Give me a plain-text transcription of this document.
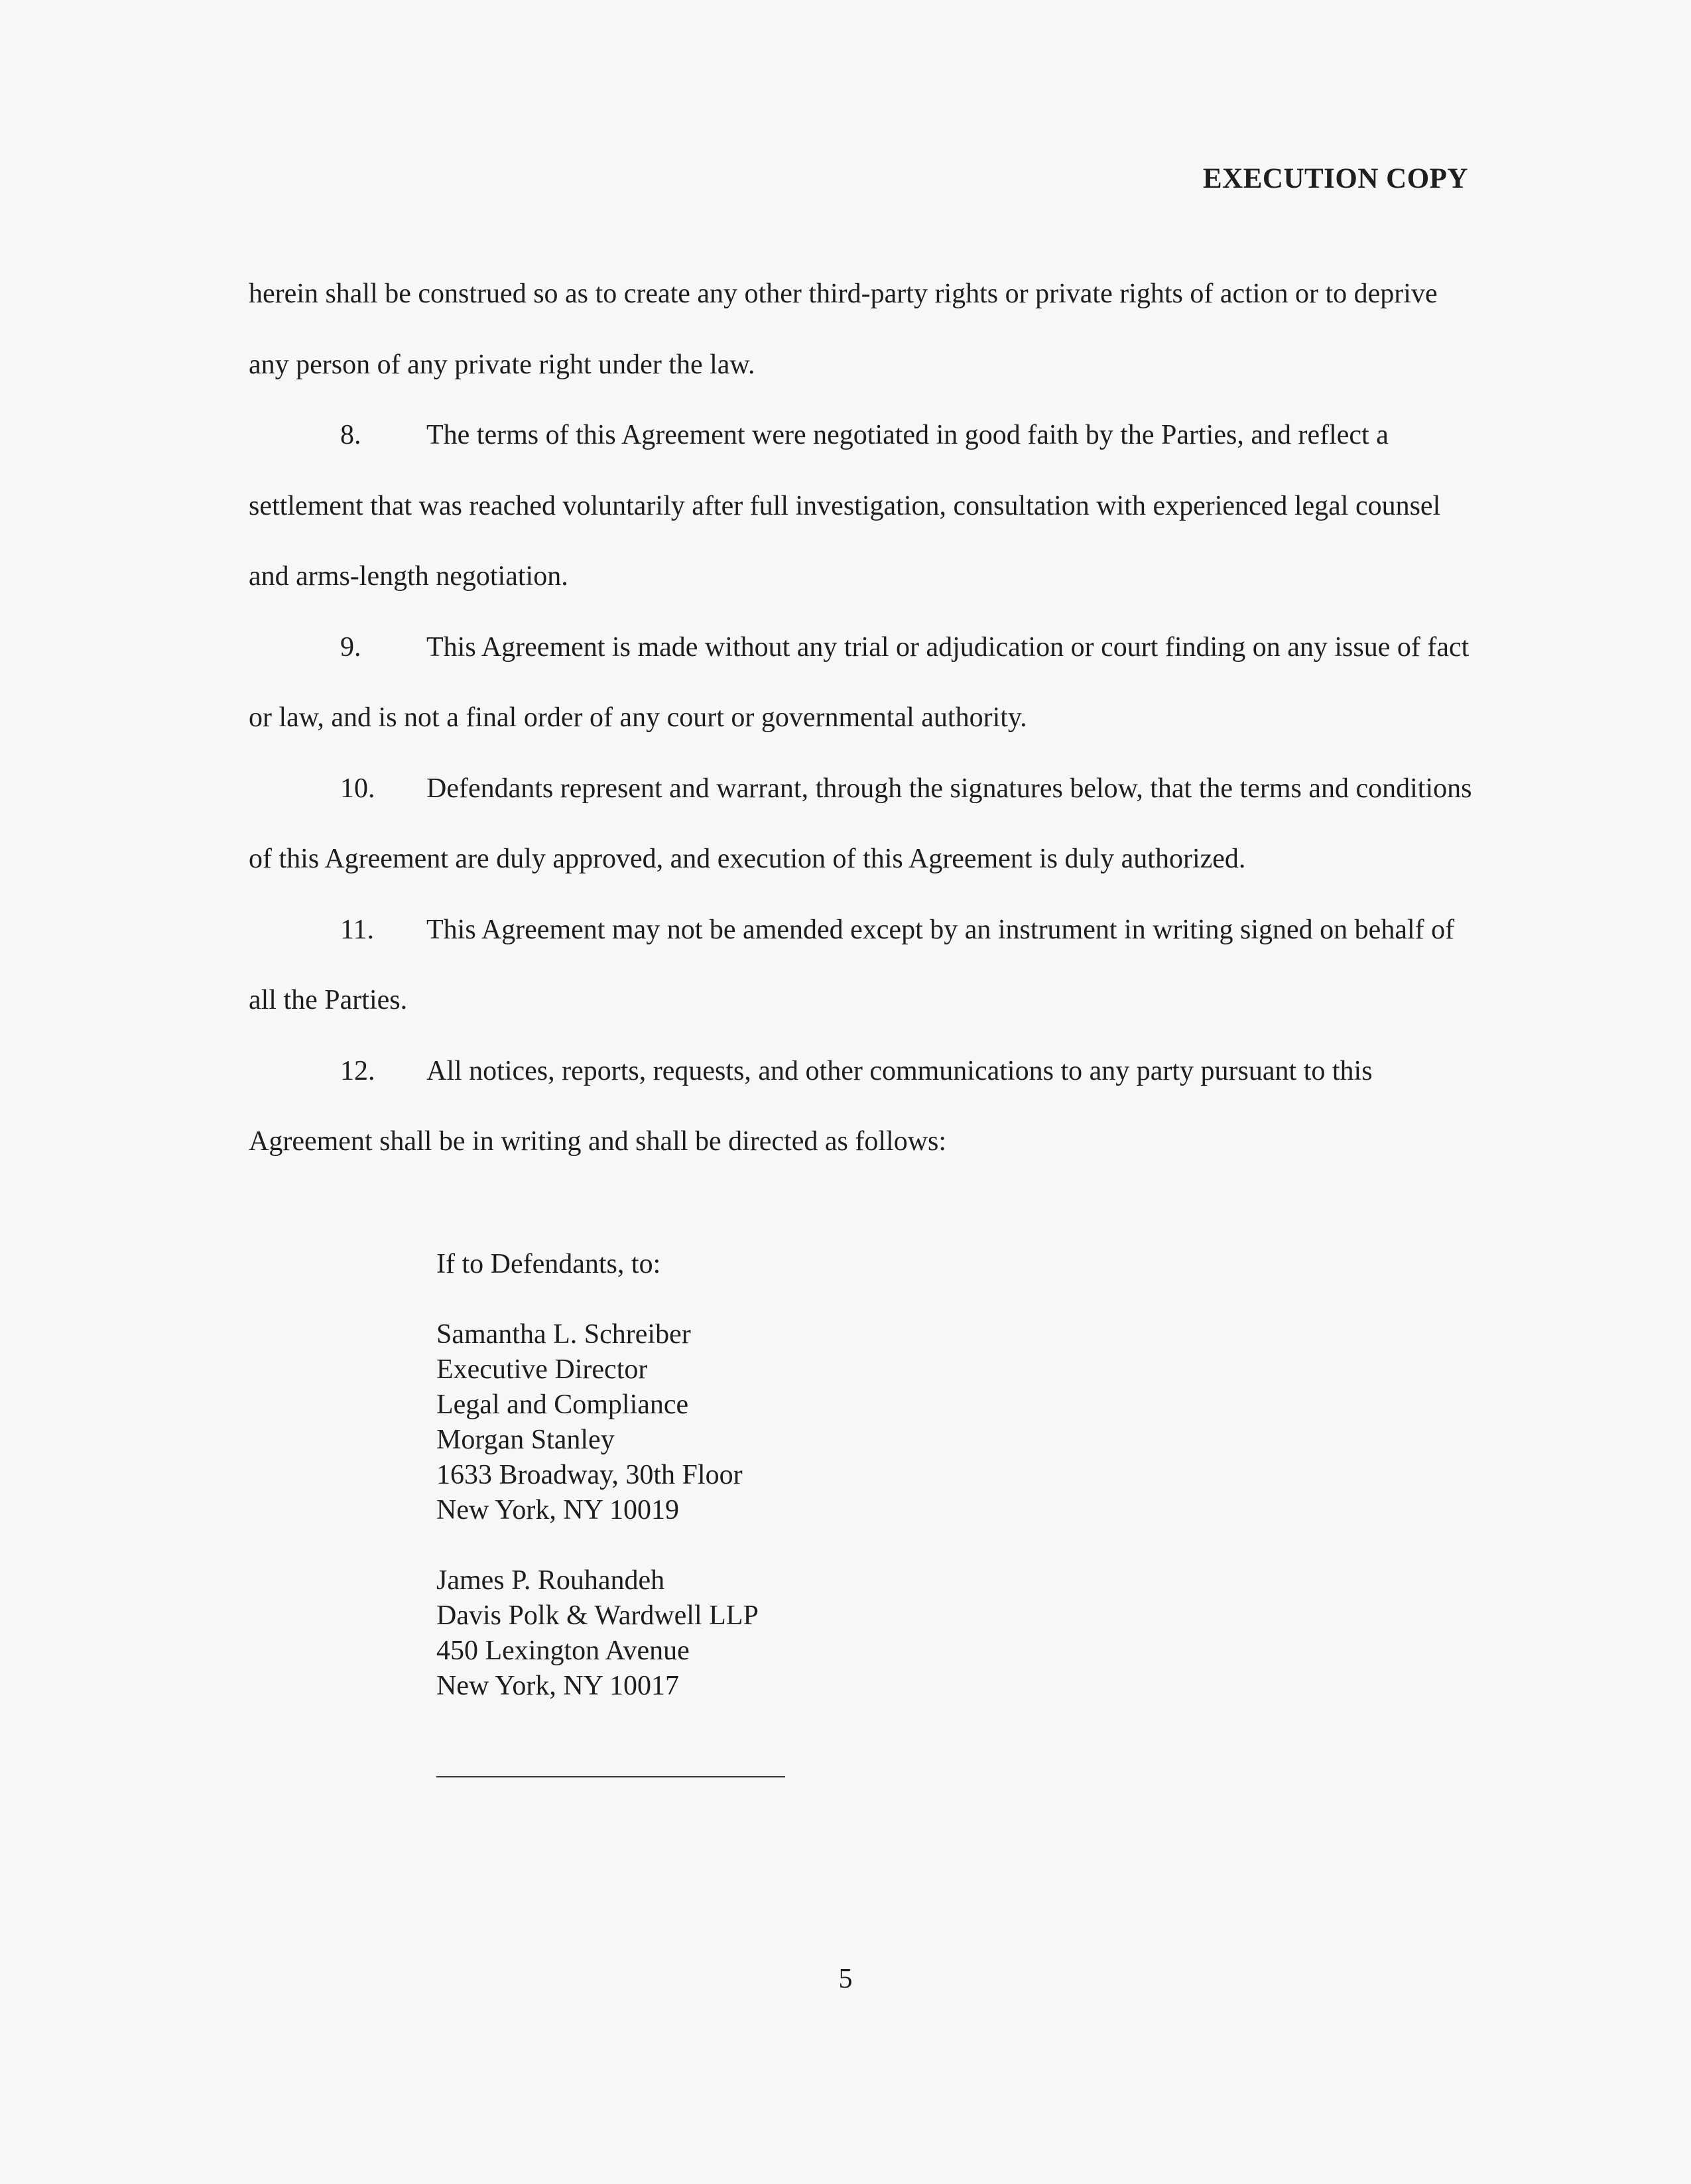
EXECUTION COPY

herein shall be construed so as to create any other third-party rights or private rights of action or to deprive any person of any private right under the law.

8. The terms of this Agreement were negotiated in good faith by the Parties, and reflect a settlement that was reached voluntarily after full investigation, consultation with experienced legal counsel and arms-length negotiation.

9. This Agreement is made without any trial or adjudication or court finding on any issue of fact or law, and is not a final order of any court or governmental authority.

10. Defendants represent and warrant, through the signatures below, that the terms and conditions of this Agreement are duly approved, and execution of this Agreement is duly authorized.

11. This Agreement may not be amended except by an instrument in writing signed on behalf of all the Parties.

12. All notices, reports, requests, and other communications to any party pursuant to this Agreement shall be in writing and shall be directed as follows:

If to Defendants, to:

Samantha L. Schreiber
Executive Director
Legal and Compliance
Morgan Stanley
1633 Broadway, 30th Floor
New York, NY 10019
James P. Rouhandeh
Davis Polk & Wardwell LLP
450 Lexington Avenue
New York, NY 10017
5
